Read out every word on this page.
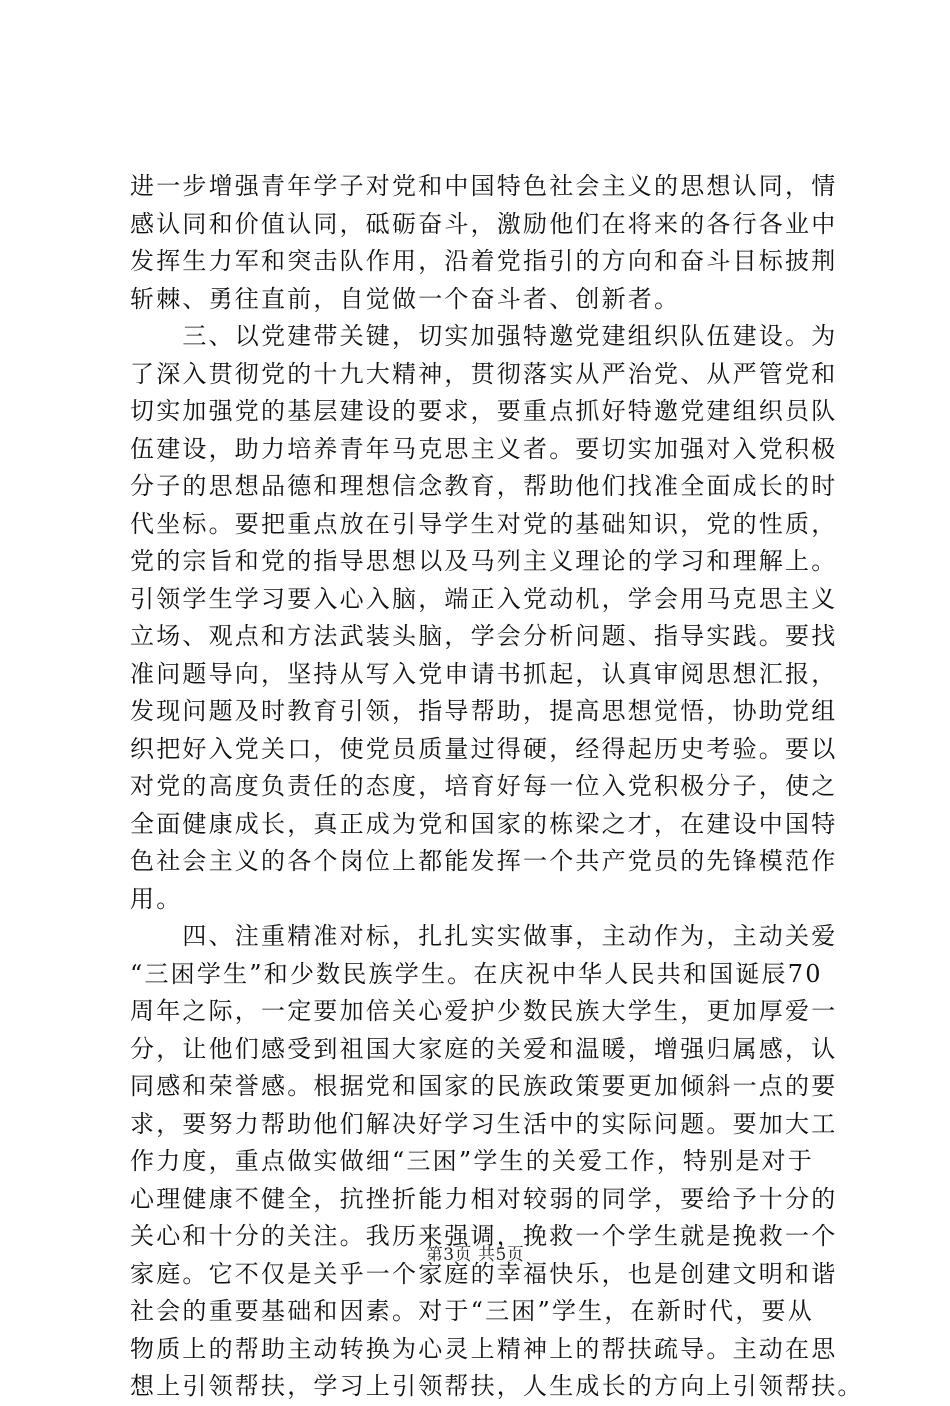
进一步增强青年学子对党和中国特色社会主义的思想认同，情
感认同和价值认同，砥砺奋斗，激励他们在将来的各行各业中
发挥生力军和突击队作用，沿着党指引的方向和奋斗目标披荆
斩棘、勇往直前，自觉做一个奋斗者、创新者。
　　三、以党建带关键，切实加强特邀党建组织队伍建设。为
了深入贯彻党的十九大精神，贯彻落实从严治党、从严管党和
切实加强党的基层建设的要求，要重点抓好特邀党建组织员队
伍建设，助力培养青年马克思主义者。要切实加强对入党积极
分子的思想品德和理想信念教育，帮助他们找准全面成长的时
代坐标。要把重点放在引导学生对党的基础知识，党的性质，
党的宗旨和党的指导思想以及马列主义理论的学习和理解上。
引领学生学习要入心入脑，端正入党动机，学会用马克思主义
立场、观点和方法武装头脑，学会分析问题、指导实践。要找
准问题导向，坚持从写入党申请书抓起，认真审阅思想汇报，
发现问题及时教育引领，指导帮助，提高思想觉悟，协助党组
织把好入党关口，使党员质量过得硬，经得起历史考验。要以
对党的高度负责任的态度，培育好每一位入党积极分子，使之
全面健康成长，真正成为党和国家的栋梁之才，在建设中国特
色社会主义的各个岗位上都能发挥一个共产党员的先锋模范作
用。
　　四、注重精准对标，扎扎实实做事，主动作为，主动关爱
“三困学生”和少数民族学生。在庆祝中华人民共和国诞辰70
周年之际，一定要加倍关心爱护少数民族大学生，更加厚爱一
分，让他们感受到祖国大家庭的关爱和温暖，增强归属感，认
同感和荣誉感。根据党和国家的民族政策要更加倾斜一点的要
求，要努力帮助他们解决好学习生活中的实际问题。要加大工
作力度，重点做实做细“三困”学生的关爱工作，特别是对于
心理健康不健全，抗挫折能力相对较弱的同学，要给予十分的
关心和十分的关注。我历来强调，挽救一个学生就是挽救一个
家庭。它不仅是关乎一个家庭的幸福快乐，也是创建文明和谐
社会的重要基础和因素。对于“三困”学生，在新时代，要从
物质上的帮助主动转换为心灵上精神上的帮扶疏导。主动在思
想上引领帮扶，学习上引领帮扶，人生成长的方向上引领帮扶。
第3页 共5页
